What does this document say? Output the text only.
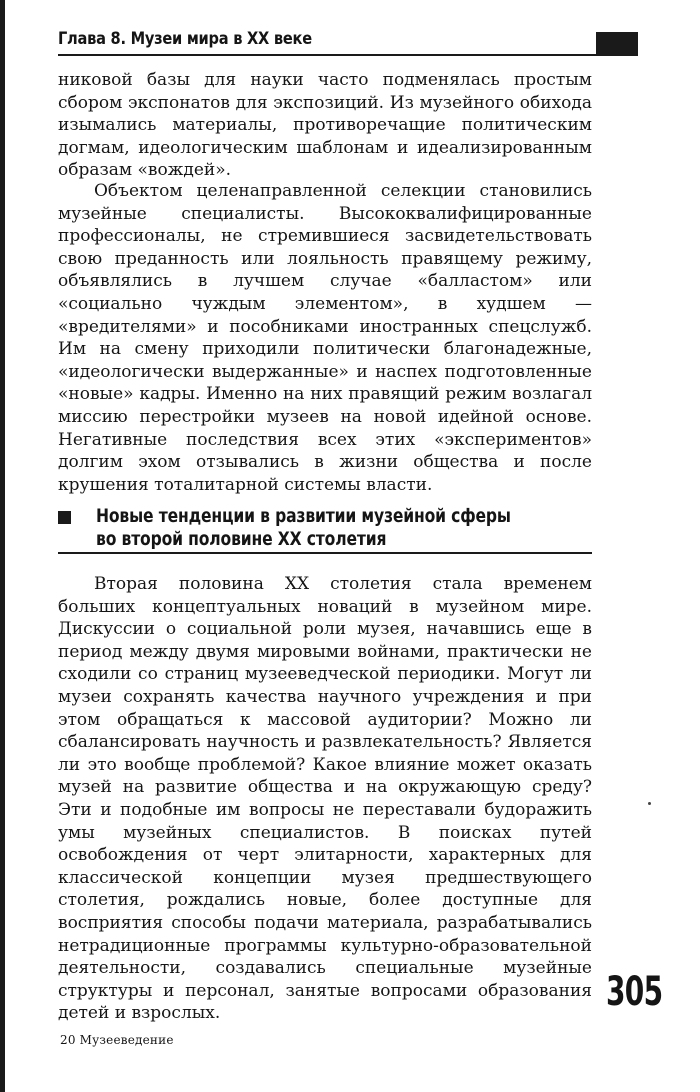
Глава 8. Музеи мира в XX веке

никовой базы для науки часто подменялась простым сбором экспонатов для экспозиций. Из музейного обихода изымались материалы, противоречащие политическим догмам, идеологическим шаблонам и идеализированным образам «вождей».

Объектом целенаправленной селекции становились музейные специалисты. Высококвалифицированные профессионалы, не стремившиеся засвидетельствовать свою преданность или лояльность правящему режиму, объявлялись в лучшем случае «балластом» или «социально чуждым элементом», в худшем — «вредителями» и пособниками иностранных спецслужб. Им на смену приходили политически благонадежные, «идеологически выдержанные» и наспех подготовленные «новые» кадры. Именно на них правящий режим возлагал миссию перестройки музеев на новой идейной основе. Негативные последствия всех этих «экспериментов» долгим эхом отзывались в жизни общества и после крушения тоталитарной системы власти.

Новые тенденции в развитии музейной сферы
во второй половине XX столетия

Вторая половина XX столетия стала временем больших концептуальных новаций в музейном мире. Дискуссии о социальной роли музея, начавшись еще в период между двумя мировыми войнами, практически не сходили со страниц музееведческой периодики. Могут ли музеи сохранять качества научного учреждения и при этом обращаться к массовой аудитории? Можно ли сбалансировать научность и развлекательность? Является ли это вообще проблемой? Какое влияние может оказать музей на развитие общества и на окружающую среду? Эти и подобные им вопросы не переставали будоражить умы музейных специалистов. В поисках путей освобождения от черт элитарности, характерных для классической концепции музея предшествующего столетия, рождались новые, более доступные для восприятия способы подачи материала, разрабатывались нетрадиционные программы культурно-образовательной деятельности, создавались специальные музейные структуры и персонал, занятые вопросами образования детей и взрослых.	305
20 Музееведение
